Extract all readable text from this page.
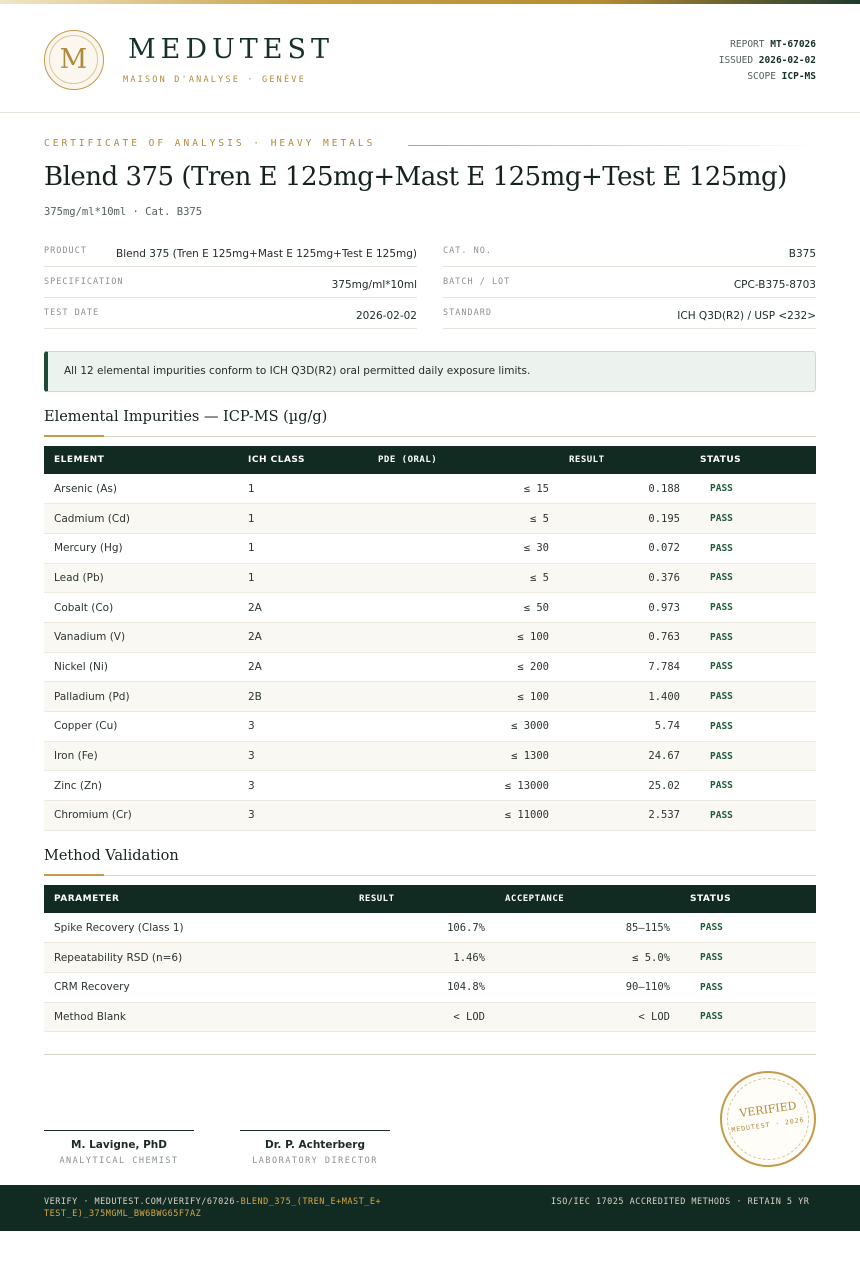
M	MEDUTEST
MAISON D'ANALYSE · GENÈVE
REPORT MT-67026
ISSUED 2026-02-02
SCOPE ICP-MS
CERTIFICATE OF ANALYSIS · HEAVY METALS
Blend 375 (Tren E 125mg+Mast E 125mg+Test E 125mg)
375mg/ml*10ml · Cat. B375
PRODUCT	Blend 375 (Tren E 125mg+Mast E 125mg+Test E 125mg)
SPECIFICATION	375mg/ml*10ml
TEST DATE	2026-02-02
CAT. NO.	B375
BATCH / LOT	CPC-B375-8703
STANDARD	ICH Q3D(R2) / USP <232>
All 12 elemental impurities conform to ICH Q3D(R2) oral permitted daily exposure limits.
Elemental Impurities — ICP-MS (µg/g)
ELEMENT	ICH CLASS	PDE (ORAL)	RESULT	STATUS
Arsenic (As)	1	≤ 15	0.188	PASS
Cadmium (Cd)	1	≤ 5	0.195	PASS
Mercury (Hg)	1	≤ 30	0.072	PASS
Lead (Pb)	1	≤ 5	0.376	PASS
Cobalt (Co)	2A	≤ 50	0.973	PASS
Vanadium (V)	2A	≤ 100	0.763	PASS
Nickel (Ni)	2A	≤ 200	7.784	PASS
Palladium (Pd)	2B	≤ 100	1.400	PASS
Copper (Cu)	3	≤ 3000	5.74	PASS
Iron (Fe)	3	≤ 1300	24.67	PASS
Zinc (Zn)	3	≤ 13000	25.02	PASS
Chromium (Cr)	3	≤ 11000	2.537	PASS
Method Validation
PARAMETER	RESULT	ACCEPTANCE	STATUS
Spike Recovery (Class 1)	106.7%	85–115%	PASS
Repeatability RSD (n=6)	1.46%	≤ 5.0%	PASS
CRM Recovery	104.8%	90–110%	PASS
Method Blank	< LOD	< LOD	PASS
M. Lavigne, PhD
ANALYTICAL CHEMIST
Dr. P. Achterberg
LABORATORY DIRECTOR
VERIFIED
MEDUTEST · 2026
VERIFY · MEDUTEST.COM/VERIFY/67026-BLEND_375_(TREN_E+MAST_E+TEST_E)_375MGML_BW6BWG65F7AZ
ISO/IEC 17025 ACCREDITED METHODS · RETAIN 5 YR
